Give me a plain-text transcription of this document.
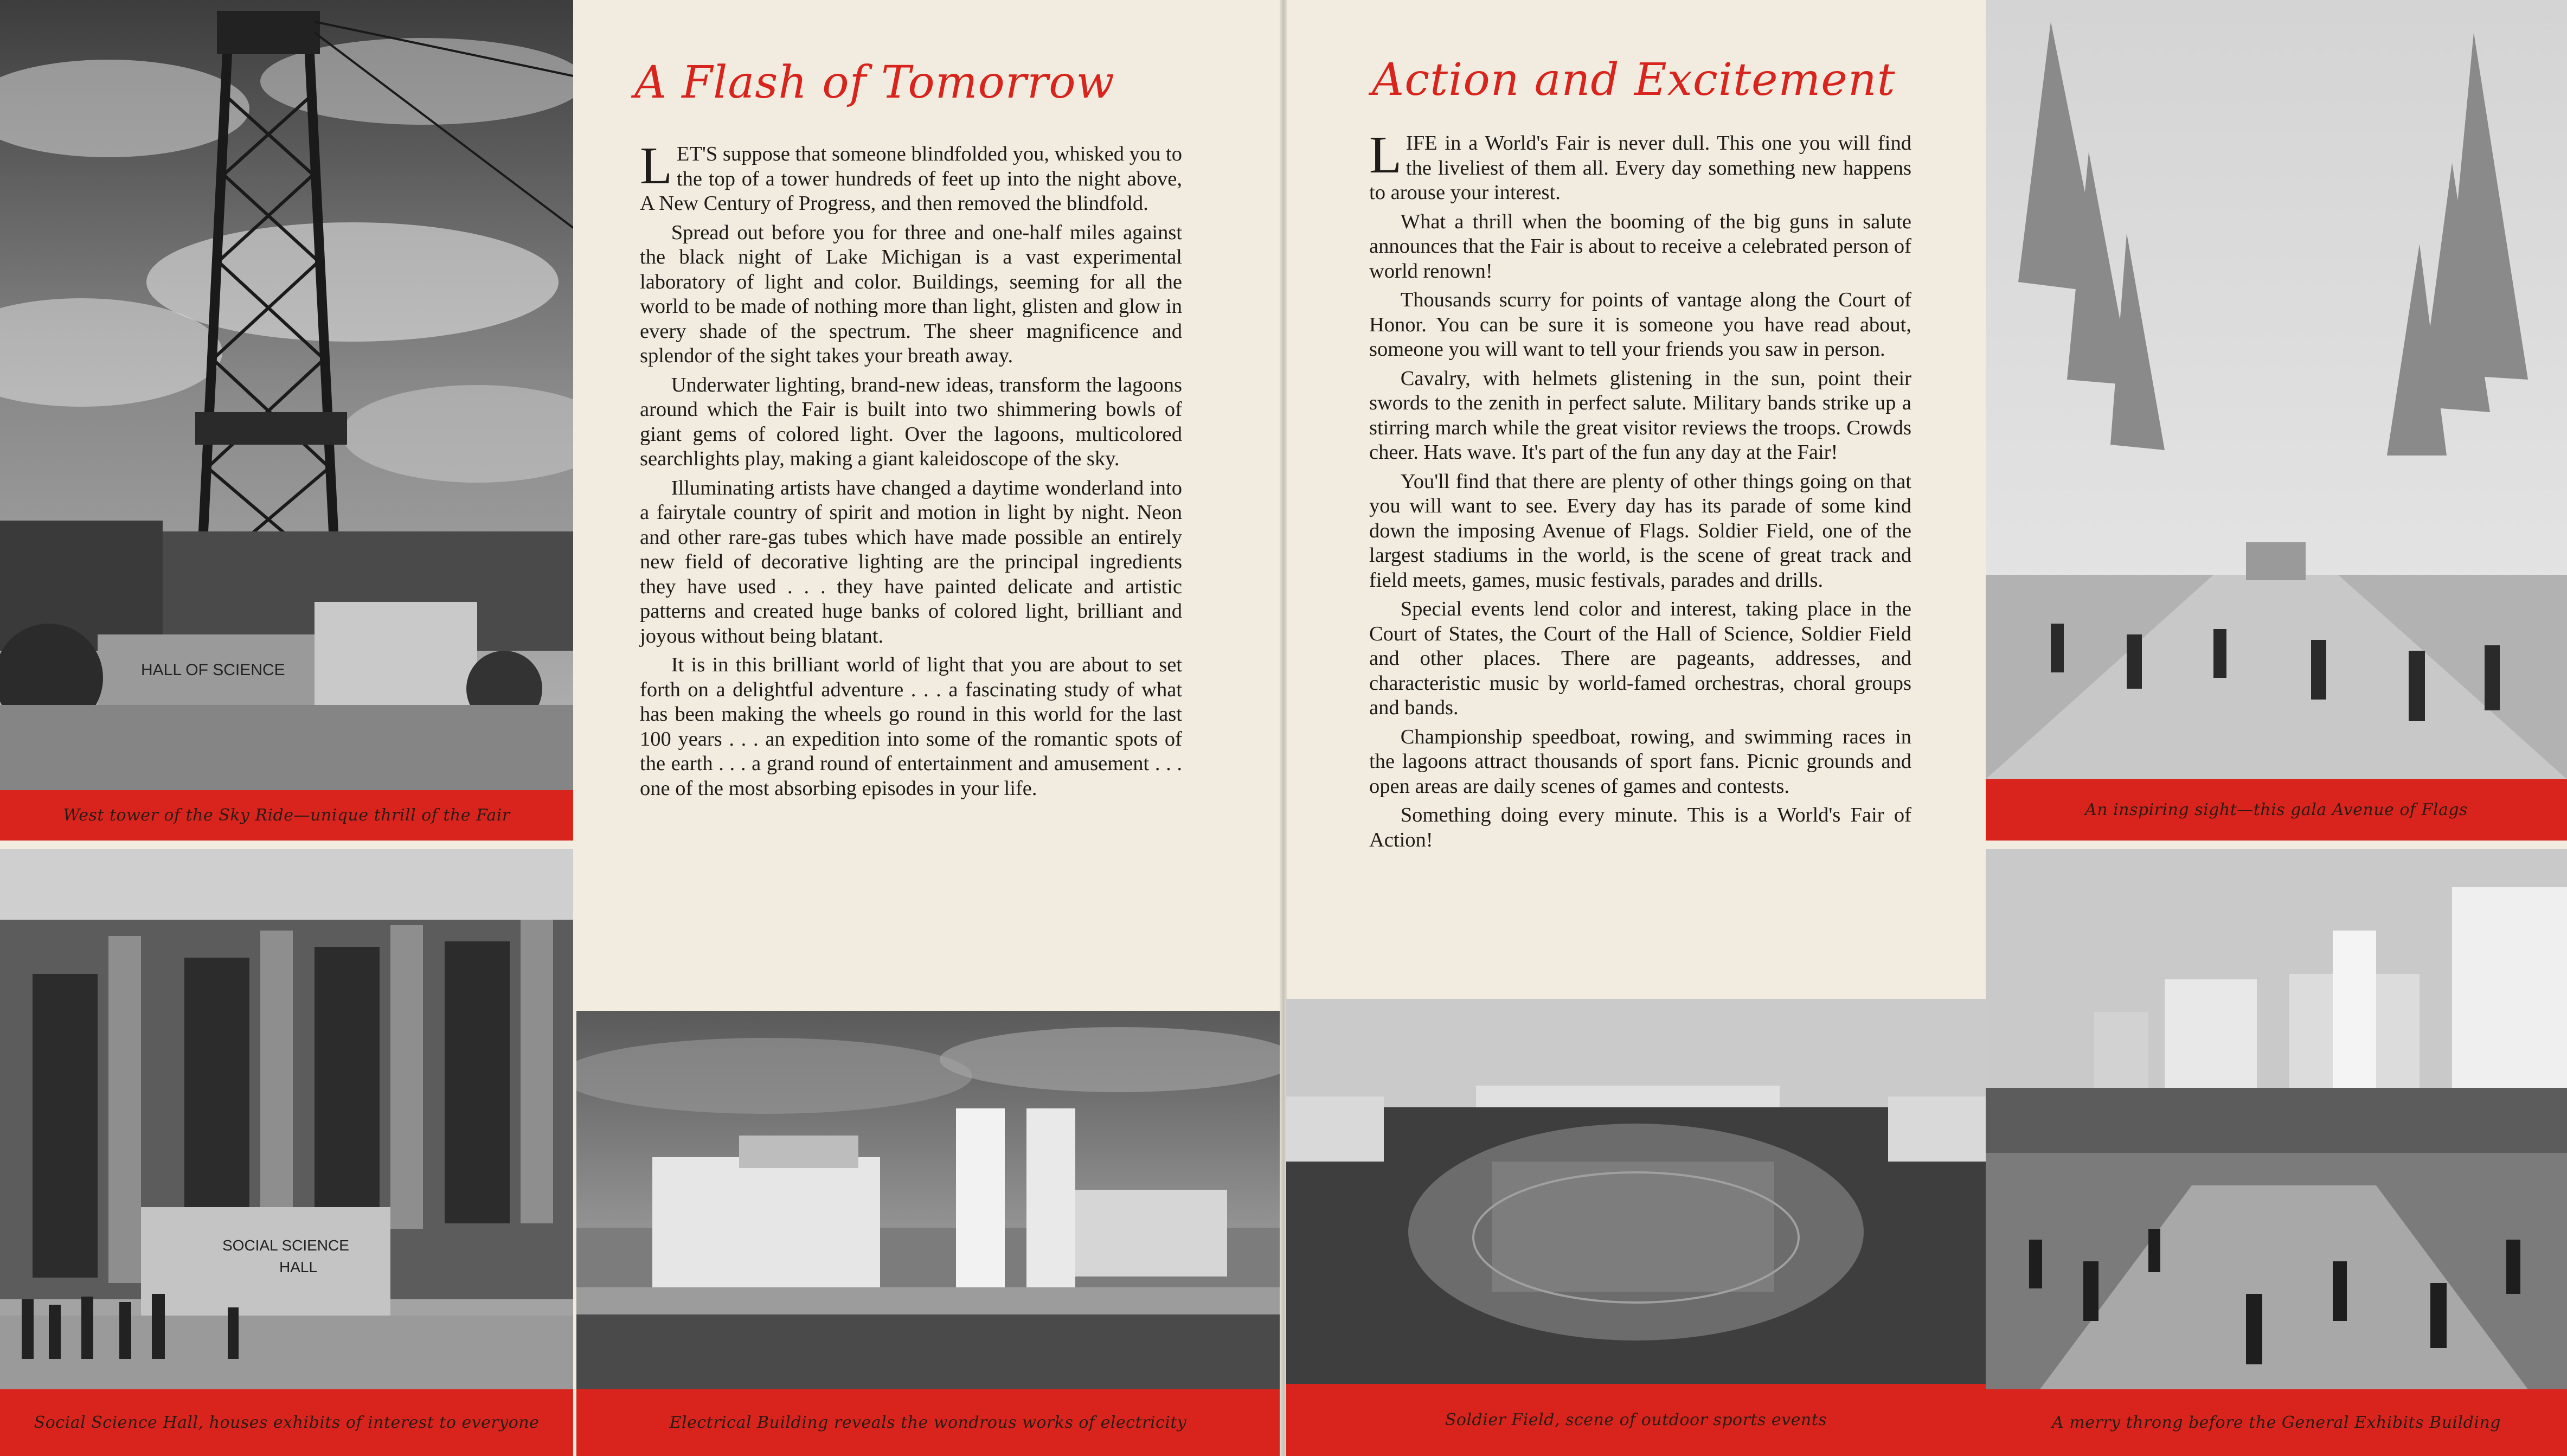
HALL OF SCIENCE
West tower of the Sky Ride—unique thrill of the Fair
SOCIAL SCIENCE
HALL
Social Science Hall, houses exhibits of interest to everyone
A Flash of Tomorrow

LET'S suppose that someone blindfolded you, whisked you to the top of a tower hundreds of feet up into the night above, A New Century of Progress, and then removed the blindfold.

Spread out before you for three and one-half miles against the black night of Lake Michigan is a vast experimental laboratory of light and color. Buildings, seeming for all the world to be made of nothing more than light, glisten and glow in every shade of the spectrum. The sheer magnificence and splendor of the sight takes your breath away.

Underwater lighting, brand-new ideas, transform the lagoons around which the Fair is built into two shimmering bowls of giant gems of colored light. Over the lagoons, multicolored searchlights play, making a giant kaleidoscope of the sky.

Illuminating artists have changed a daytime wonderland into a fairytale country of spirit and motion in light by night. Neon and other rare-gas tubes which have made possible an entirely new field of decorative lighting are the principal ingredients they have used . . . they have painted delicate and artistic patterns and created huge banks of colored light, brilliant and joyous without being blatant.

It is in this brilliant world of light that you are about to set forth on a delightful adventure . . . a fascinating study of what has been making the wheels go round in this world for the last 100 years . . . an expedition into some of the romantic spots of the earth . . . a grand round of entertainment and amusement . . . one of the most absorbing episodes in your life.

Electrical Building reveals the wondrous works of electricity
Action and Excitement

LIFE in a World's Fair is never dull. This one you will find the liveliest of them all. Every day something new happens to arouse your interest.

What a thrill when the booming of the big guns in salute announces that the Fair is about to receive a celebrated person of world renown!

Thousands scurry for points of vantage along the Court of Honor. You can be sure it is someone you have read about, someone you will want to tell your friends you saw in person.

Cavalry, with helmets glistening in the sun, point their swords to the zenith in perfect salute. Military bands strike up a stirring march while the great visitor reviews the troops. Crowds cheer. Hats wave. It's part of the fun any day at the Fair!

You'll find that there are plenty of other things going on that you will want to see. Every day has its parade of some kind down the imposing Avenue of Flags. Soldier Field, one of the largest stadiums in the world, is the scene of great track and field meets, games, music festivals, parades and drills.

Special events lend color and interest, taking place in the Court of States, the Court of the Hall of Science, Soldier Field and other places. There are pageants, addresses, and characteristic music by world-famed orchestras, choral groups and bands.

Championship speedboat, rowing, and swimming races in the lagoons attract thousands of sport fans. Picnic grounds and open areas are daily scenes of games and contests.

Something doing every minute. This is a World's Fair of Action!

Soldier Field, scene of outdoor sports events
An inspiring sight—this gala Avenue of Flags
A merry throng before the General Exhibits Building
